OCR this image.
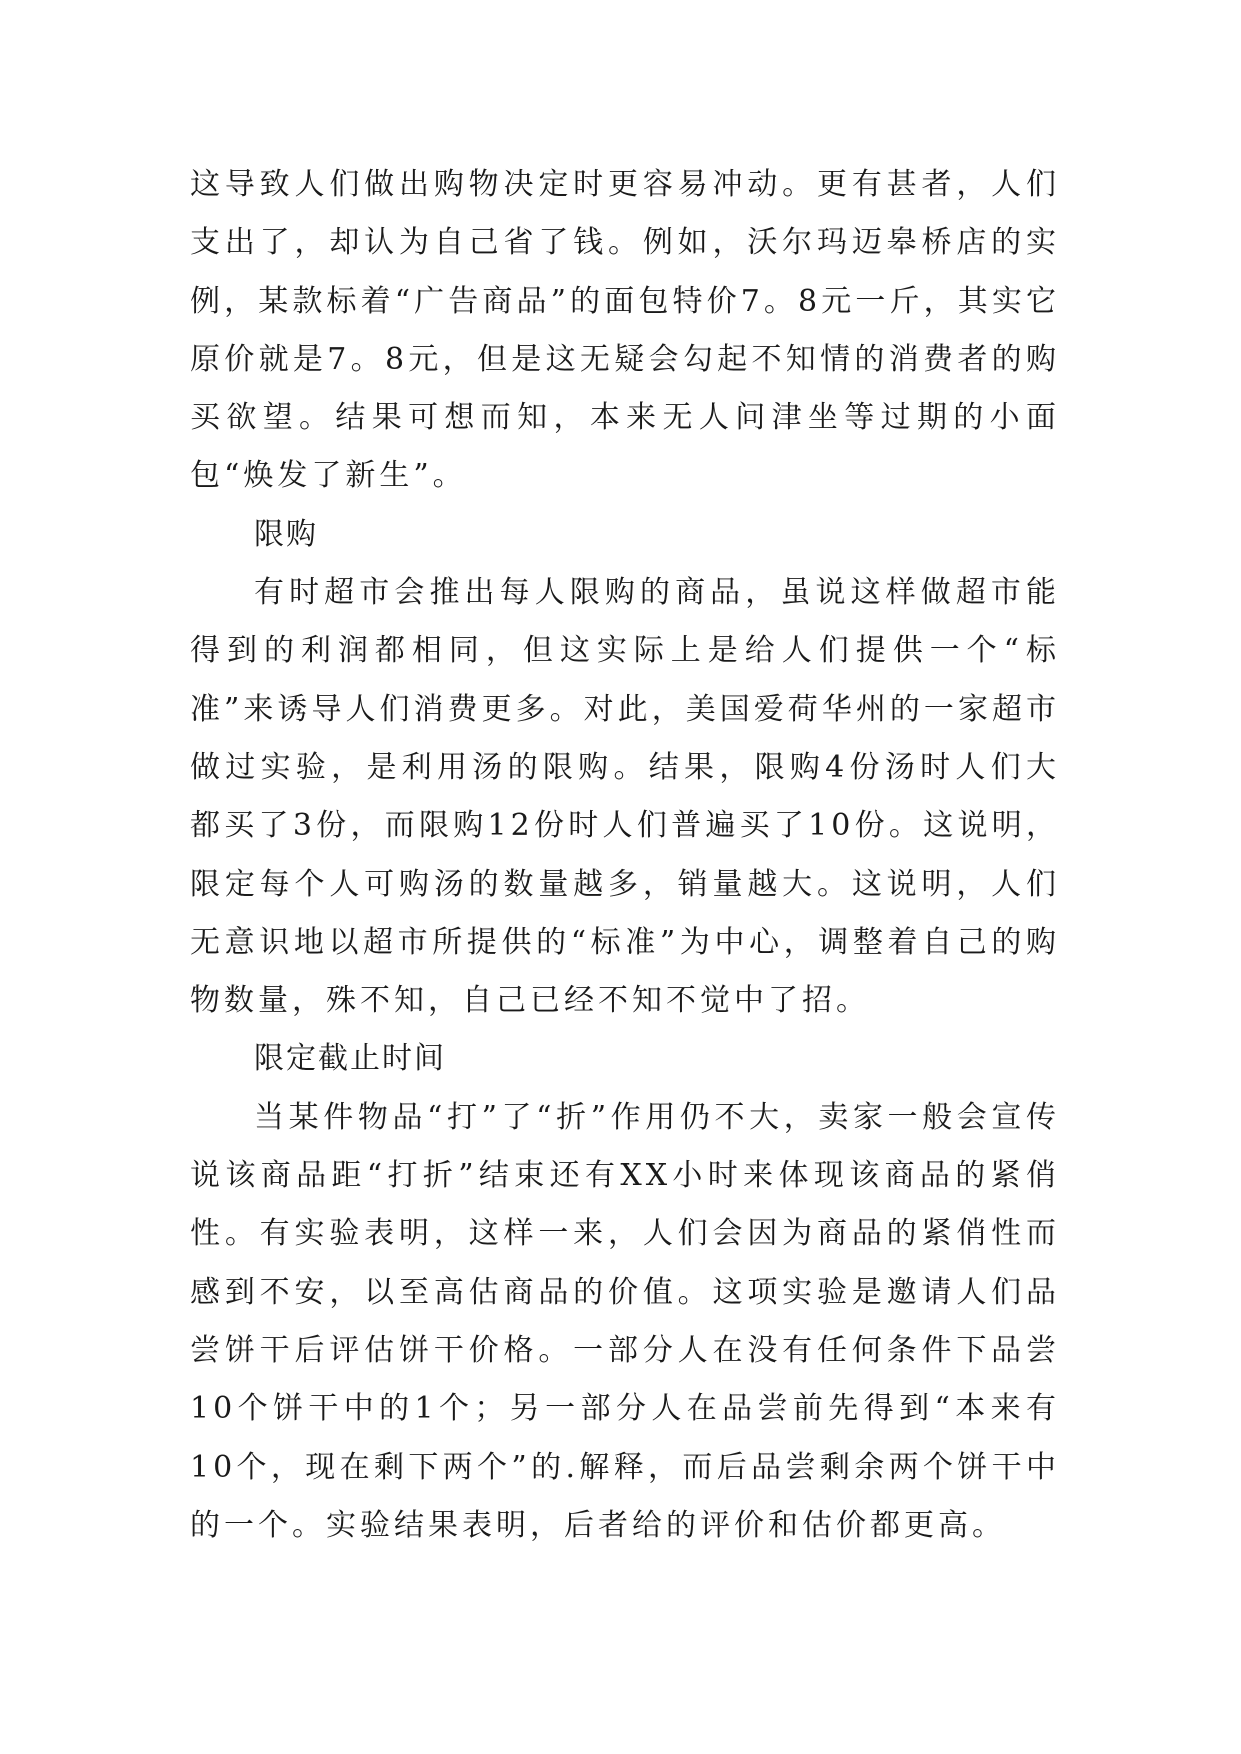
这导致人们做出购物决定时更容易冲动。更有甚者，人们支出了，却认为自己省了钱。例如，沃尔玛迈皋桥店的实例，某款标着“广告商品”的面包特价7。8元一斤，其实它原价就是7。8元，但是这无疑会勾起不知情的消费者的购买欲望。结果可想而知，本来无人问津坐等过期的小面包“焕发了新生”。

限购

有时超市会推出每人限购的商品，虽说这样做超市能得到的利润都相同，但这实际上是给人们提供一个“标准”来诱导人们消费更多。对此，美国爱荷华州的一家超市做过实验，是利用汤的限购。结果，限购4份汤时人们大都买了3份，而限购12份时人们普遍买了10份。这说明，限定每个人可购汤的数量越多，销量越大。这说明，人们无意识地以超市所提供的“标准”为中心，调整着自己的购物数量，殊不知，自己已经不知不觉中了招。

限定截止时间

当某件物品“打”了“折”作用仍不大，卖家一般会宣传说该商品距“打折”结束还有XX小时来体现该商品的紧俏性。有实验表明，这样一来，人们会因为商品的紧俏性而感到不安，以至高估商品的价值。这项实验是邀请人们品尝饼干后评估饼干价格。一部分人在没有任何条件下品尝10个饼干中的1个；另一部分人在品尝前先得到“本来有10个，现在剩下两个”的.解释，而后品尝剩余两个饼干中的一个。实验结果表明，后者给的评价和估价都更高。
